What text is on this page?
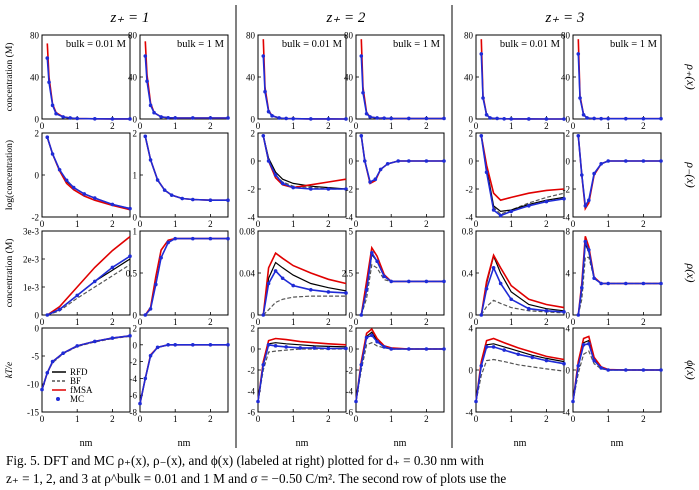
z₊ = 1	z₊ = 2	z₊ = 3
concentration (M)
log(concentration)
concentration (M)
kT/e
ρ₊(x)
ρ₋(x)
ρ(x)
ϕ(x)
0
40
80
0	1	2
bulk = 0.01 M
0
40
80
0	1	2
bulk = 1 M
0
40
80
0	1	2
bulk = 0.01 M
0
40
80
0	1	2
bulk = 1 M
0
40
80
0	1	2
bulk = 0.01 M
0
40
80
0	1	2
bulk = 1 M
-2
0
2
0	1	2
0
1
2
0	1	2
-4
-2
0
2
0	1	2
-4
-2
0
2
0	1	2
-4
-2
0
2
0	1	2
-4
-2
0
2
0	1	2
0
1e-3
2e-3
3e-3
0	1	2
0
0.5
1
0	1	2
0
0.04
0.08
0	1	2
0
2.5
5
0	1	2
0
0.4
0.8
0	1	2
0
4
8
0	1	2
-15
-10
-5
0
0	1	2
-8
-6
-4
-2
0
2
0	1	2
-6
-4
-2
0
2
0	1	2
-6
-4
-2
0
2
0	1	2
-4
0
4
0	1	2
-4
0
4
0	1	2
nm	nm	nm	nm	nm	nm
RFD
BF
fMSA
MC
Fig. 5. DFT and MC ρ₊(x), ρ₋(x), and ϕ(x) (labeled at right) plotted for d₊ = 0.30 nm with
z₊ = 1, 2, and 3 at ρ^bulk = 0.01 and 1 M and σ = −0.50 C/m². The second row of plots use the
